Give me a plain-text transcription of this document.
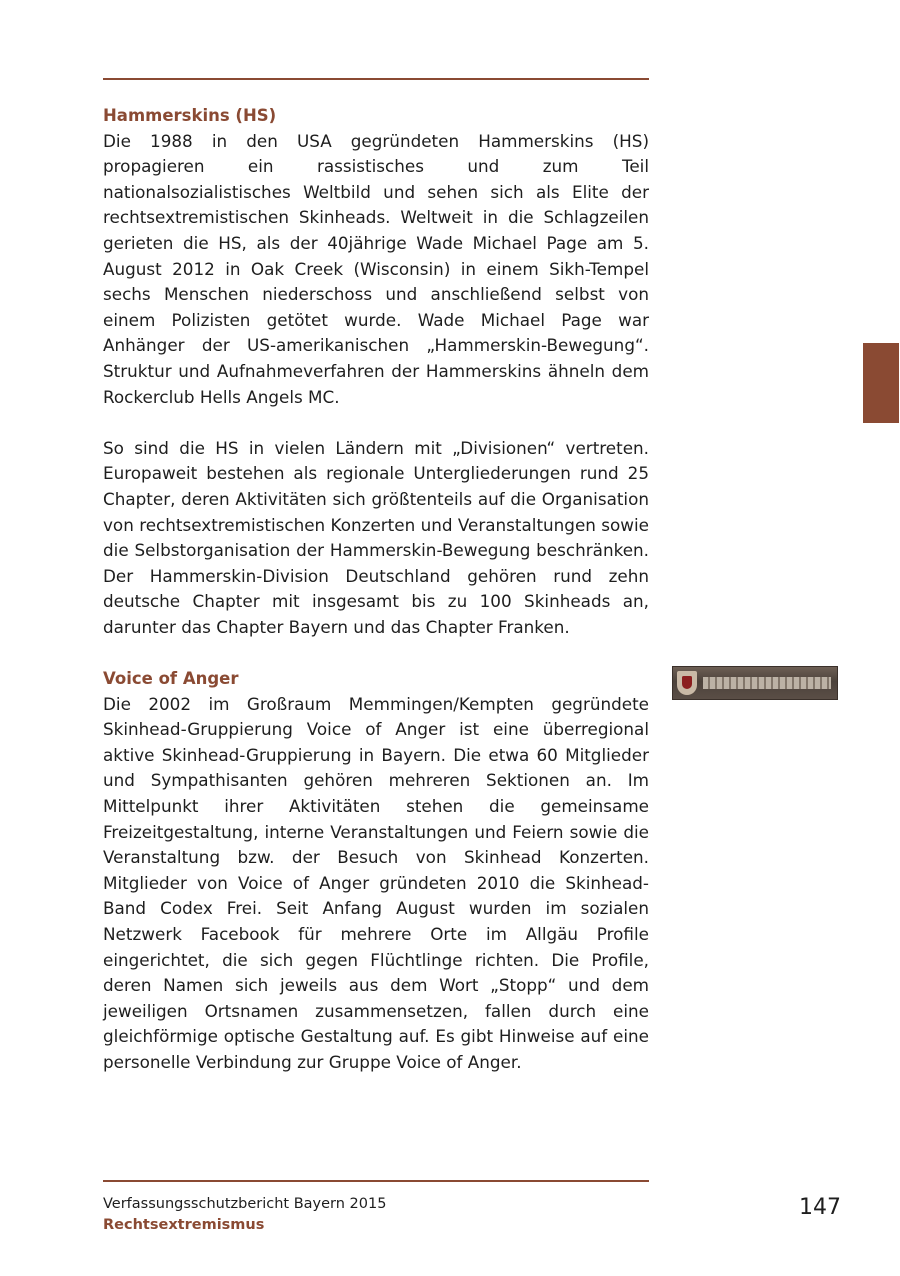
Hammerskins (HS)

Die 1988 in den USA gegründeten Hammerskins (HS) propagieren ein rassistisches und zum Teil nationalsozialistisches Weltbild und sehen sich als Elite der rechtsextremistischen Skinheads. Weltweit in die Schlagzeilen gerieten die HS, als der 40jährige Wade Michael Page am 5. August 2012 in Oak Creek (Wisconsin) in einem Sikh-Tempel sechs Menschen niederschoss und anschließend selbst von einem Polizisten getötet wurde. Wade Michael Page war Anhänger der US-amerikanischen „Hammerskin-Bewegung“. Struktur und Aufnahmeverfahren der Hammerskins ähneln dem Rockerclub Hells Angels MC.

So sind die HS in vielen Ländern mit „Divisionen“ vertreten. Europaweit bestehen als regionale Untergliederungen rund 25 Chapter, deren Aktivitäten sich größtenteils auf die Organisation von rechtsextremistischen Konzerten und Veranstaltungen sowie die Selbstorganisation der Hammerskin-Bewegung beschränken. Der Hammerskin-Division Deutschland gehören rund zehn deutsche Chapter mit insgesamt bis zu 100 Skinheads an, darunter das Chapter Bayern und das Chapter Franken.

Voice of Anger

Die 2002 im Großraum Memmingen/Kempten gegründete Skinhead-Gruppierung Voice of Anger ist eine überregional aktive Skinhead-Gruppierung in Bayern. Die etwa 60 Mitglieder und Sympathisanten gehören mehreren Sektionen an. Im Mittelpunkt ihrer Aktivitäten stehen die gemeinsame Freizeitgestaltung, interne Veranstaltungen und Feiern sowie die Veranstaltung bzw. der Besuch von Skinhead Konzerten. Mitglieder von Voice of Anger gründeten 2010 die Skinhead-Band Codex Frei. Seit Anfang August wurden im sozialen Netzwerk Facebook für mehrere Orte im Allgäu Profile eingerichtet, die sich gegen Flüchtlinge richten. Die Profile, deren Namen sich jeweils aus dem Wort „Stopp“ und dem jeweiligen Ortsnamen zusammensetzen, fallen durch eine gleichförmige optische Gestaltung auf. Es gibt Hinweise auf eine personelle Verbindung zur Gruppe Voice of Anger.

Verfassungsschutzbericht Bayern 2015
Rechtsextremismus
147
